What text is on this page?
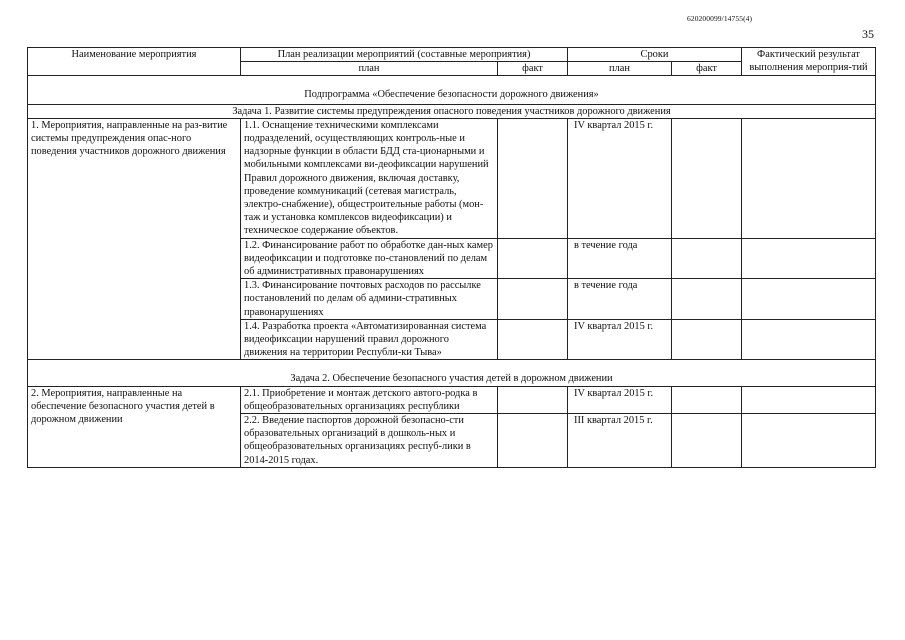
620200099/14755(4)
35
Наименование мероприятия	План реализации мероприятий (составные мероприятия)		Сроки		Фактический результат выполнения мероприя-тий
	план	факт	план	факт	
Подпрограмма «Обеспечение безопасности дорожного движения»					
Задача 1. Развитие системы предупреждения опасного поведения участников дорожного движения					
1. Мероприятия, направленные на раз-витие системы предупреждения опас-ного поведения участников дорожного движения	1.1. Оснащение техническими комплексами подразделений, осуществляющих контроль-ные и надзорные функции в области БДД ста-ционарными и мобильными комплексами ви-деофиксации нарушений Правил дорожного движения, включая доставку, проведение коммуникаций (сетевая магистраль, электро-снабжение), общестроительные работы (мон-таж и установка комплексов видеофиксации) и техническое содержание объектов.		IV квартал 2015 г.		
	1.2. Финансирование работ по обработке дан-ных камер видеофиксации и подготовке по-становлений по делам об административных правонарушениях		в течение года		
	1.3. Финансирование почтовых расходов по рассылке постановлений по делам об админи-стративных правонарушениях		в течение года		
	1.4. Разработка проекта «Автоматизированная система видеофиксации нарушений правил дорожного движения на территории Республи-ки Тыва»		IV квартал 2015 г.		
Задача 2. Обеспечение безопасного участия детей в дорожном движении					
2. Мероприятия, направленные на обеспечение безопасного участия детей в дорожном движении	2.1. Приобретение и монтаж детского автого-родка в общеобразовательных организациях республики		IV квартал 2015 г.		
	2.2. Введение паспортов дорожной безопасно-сти образовательных организаций в дошколь-ных и общеобразовательных организациях респуб-лики в 2014-2015 годах.		III квартал 2015 г.		
